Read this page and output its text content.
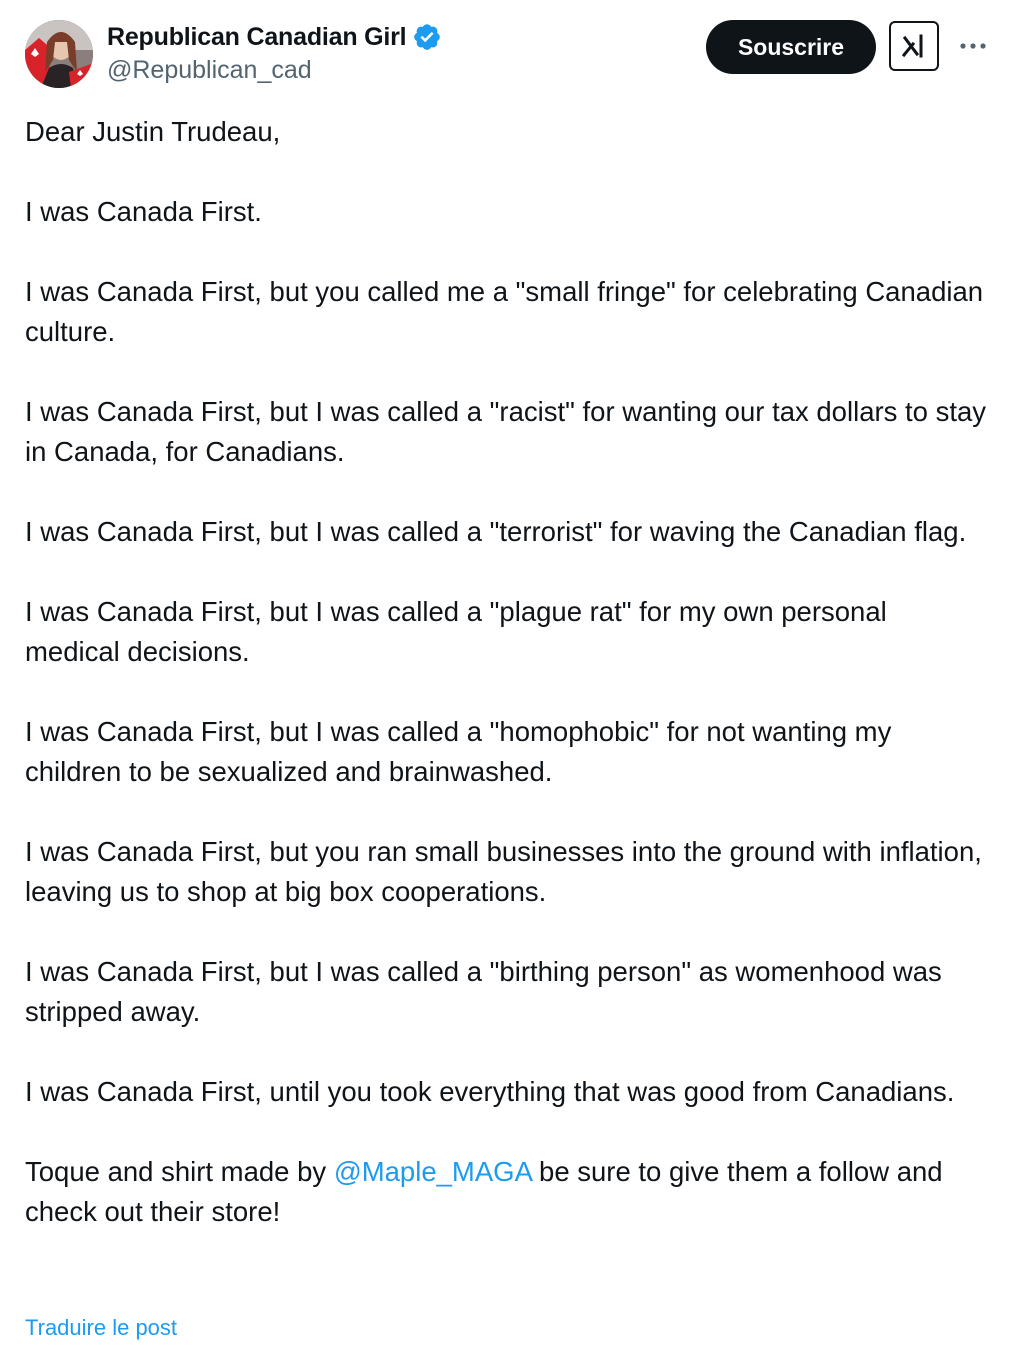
Republican Canadian Girl
@Republican_cad
Souscrire

Dear Justin Trudeau,

I was Canada First.

I was Canada First, but you called me a "small fringe" for celebrating Canadian culture.

I was Canada First, but I was called a "racist" for wanting our tax dollars to stay in Canada, for Canadians.

I was Canada First, but I was called a "terrorist" for waving the Canadian flag.

I was Canada First, but I was called a "plague rat" for my own personal medical decisions.

I was Canada First, but I was called a "homophobic" for not wanting my children to be sexualized and brainwashed.

I was Canada First, but you ran small businesses into the ground with inflation, leaving us to shop at big box cooperations.

I was Canada First, but I was called a "birthing person" as womenhood was stripped away.

I was Canada First, until you took everything that was good from Canadians.

Toque and shirt made by @Maple_MAGA be sure to give them a follow and check out their store!

Traduire le post
